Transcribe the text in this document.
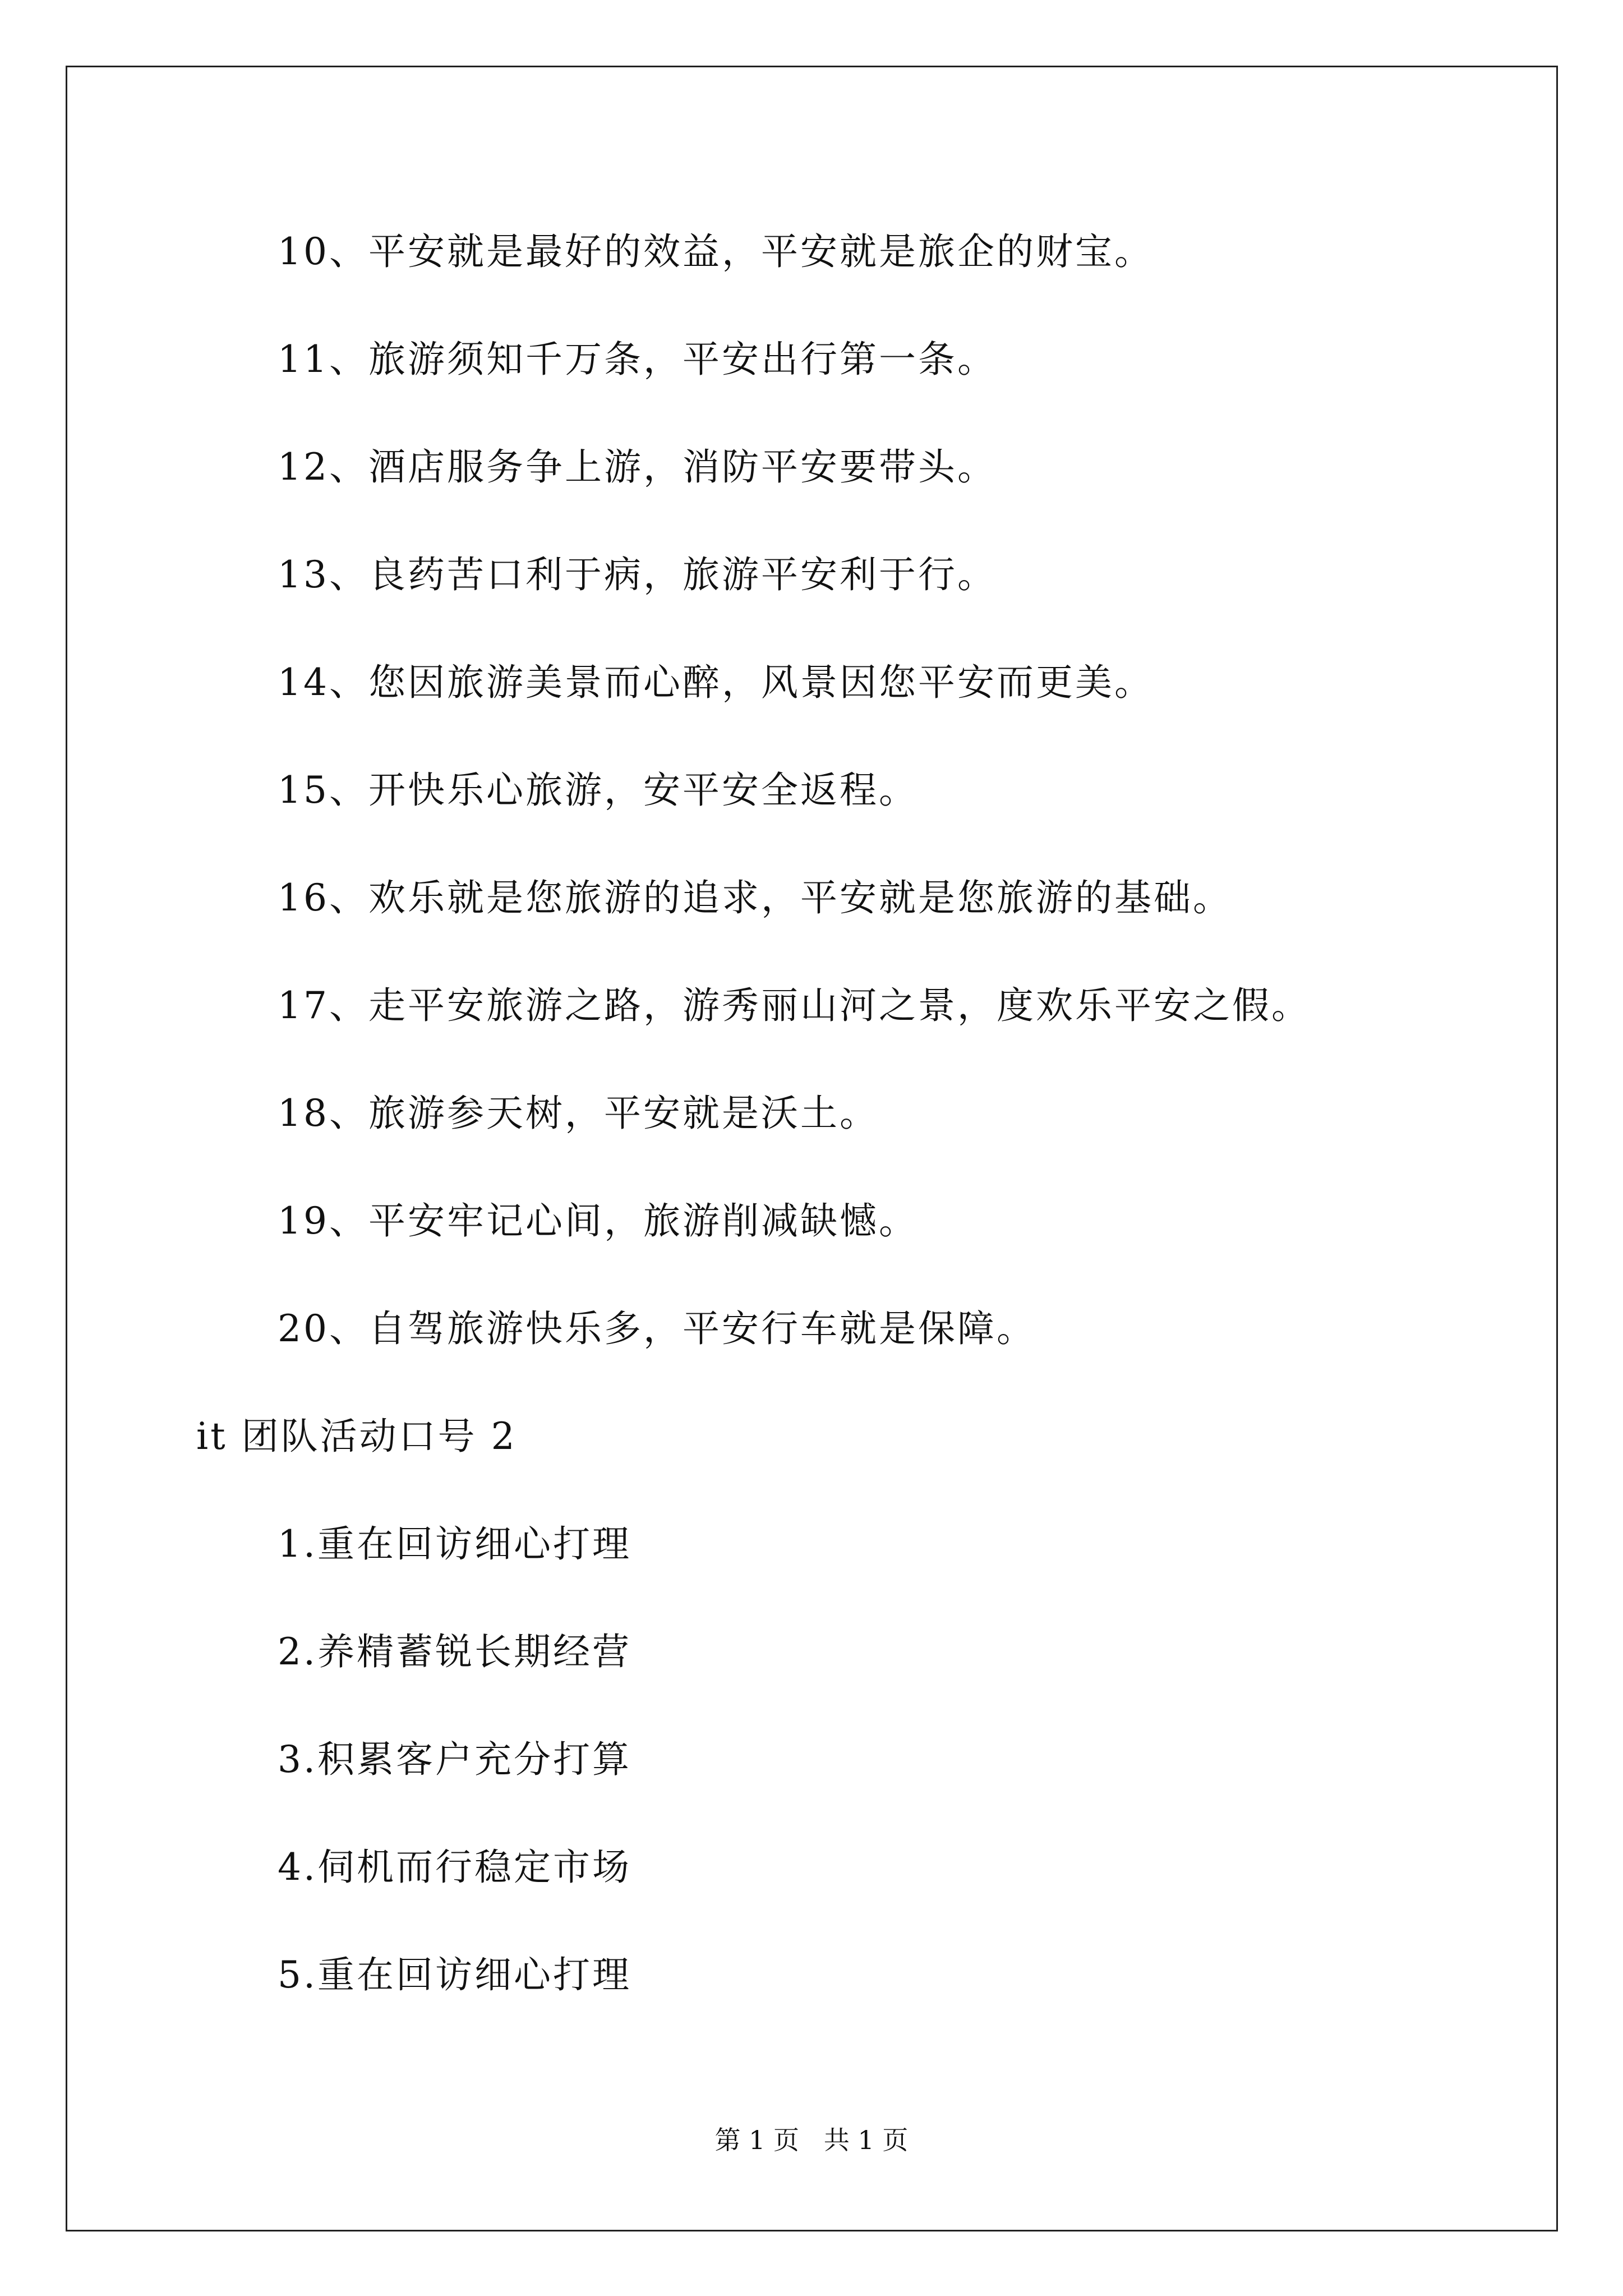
10、平安就是最好的效益，平安就是旅企的财宝。
11、旅游须知千万条，平安出行第一条。
12、酒店服务争上游，消防平安要带头。
13、良药苦口利于病，旅游平安利于行。
14、您因旅游美景而心醉，风景因您平安而更美。
15、开快乐心旅游，安平安全返程。
16、欢乐就是您旅游的追求，平安就是您旅游的基础。
17、走平安旅游之路，游秀丽山河之景，度欢乐平安之假。
18、旅游参天树，平安就是沃土。
19、平安牢记心间，旅游削减缺憾。
20、自驾旅游快乐多，平安行车就是保障。
it 团队活动口号 2
1.重在回访细心打理
2.养精蓄锐长期经营
3.积累客户充分打算
4.伺机而行稳定市场
5.重在回访细心打理
第 1 页   共 1 页
